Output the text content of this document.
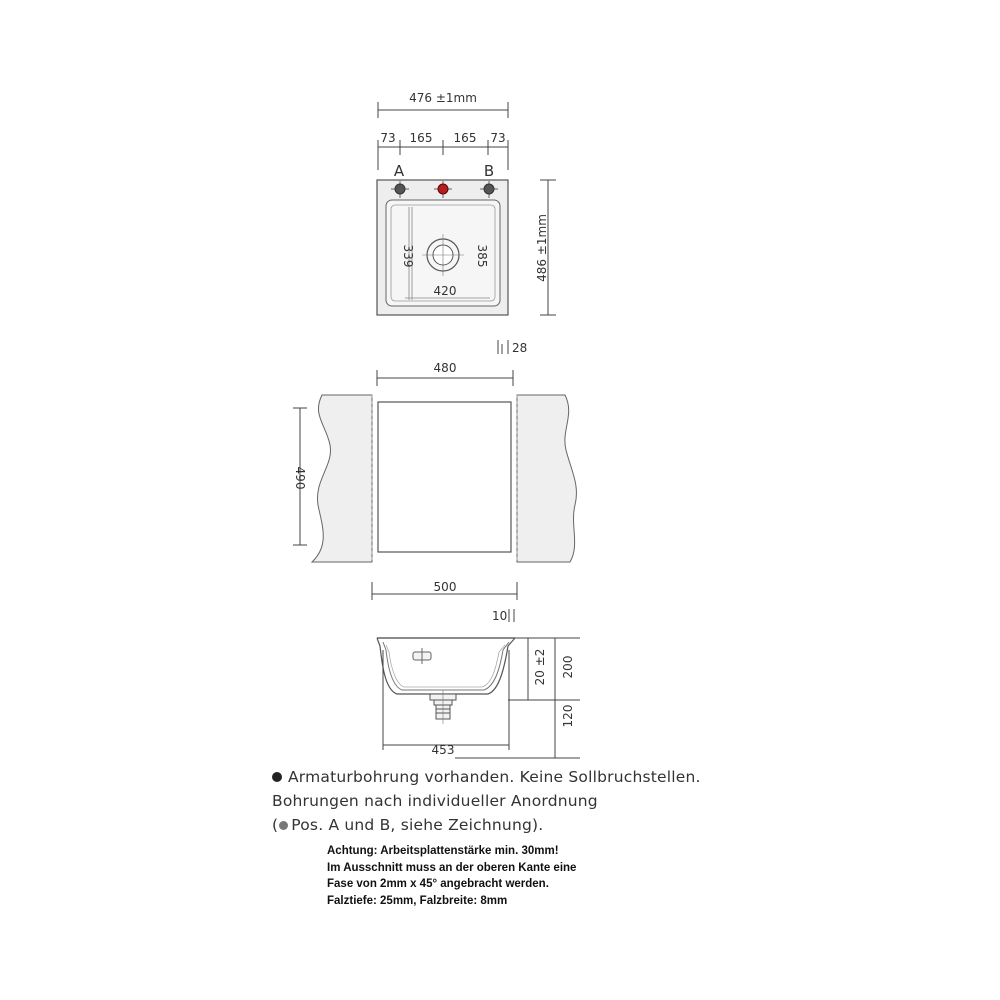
476 ±1mm
73 165 165 73
A	B
486 ±1mm
339	385
420
28
480
490
500
10
200
20 ±2
120
453
Armaturbohrung vorhanden. Keine Sollbruchstellen.
Bohrungen nach individueller Anordnung
( Pos. A und B, siehe Zeichnung).
Achtung: Arbeitsplattenstärke min. 30mm!
Im Ausschnitt muss an der oberen Kante eine
Fase von 2mm x 45° angebracht werden.
Falztiefe: 25mm, Falzbreite: 8mm
